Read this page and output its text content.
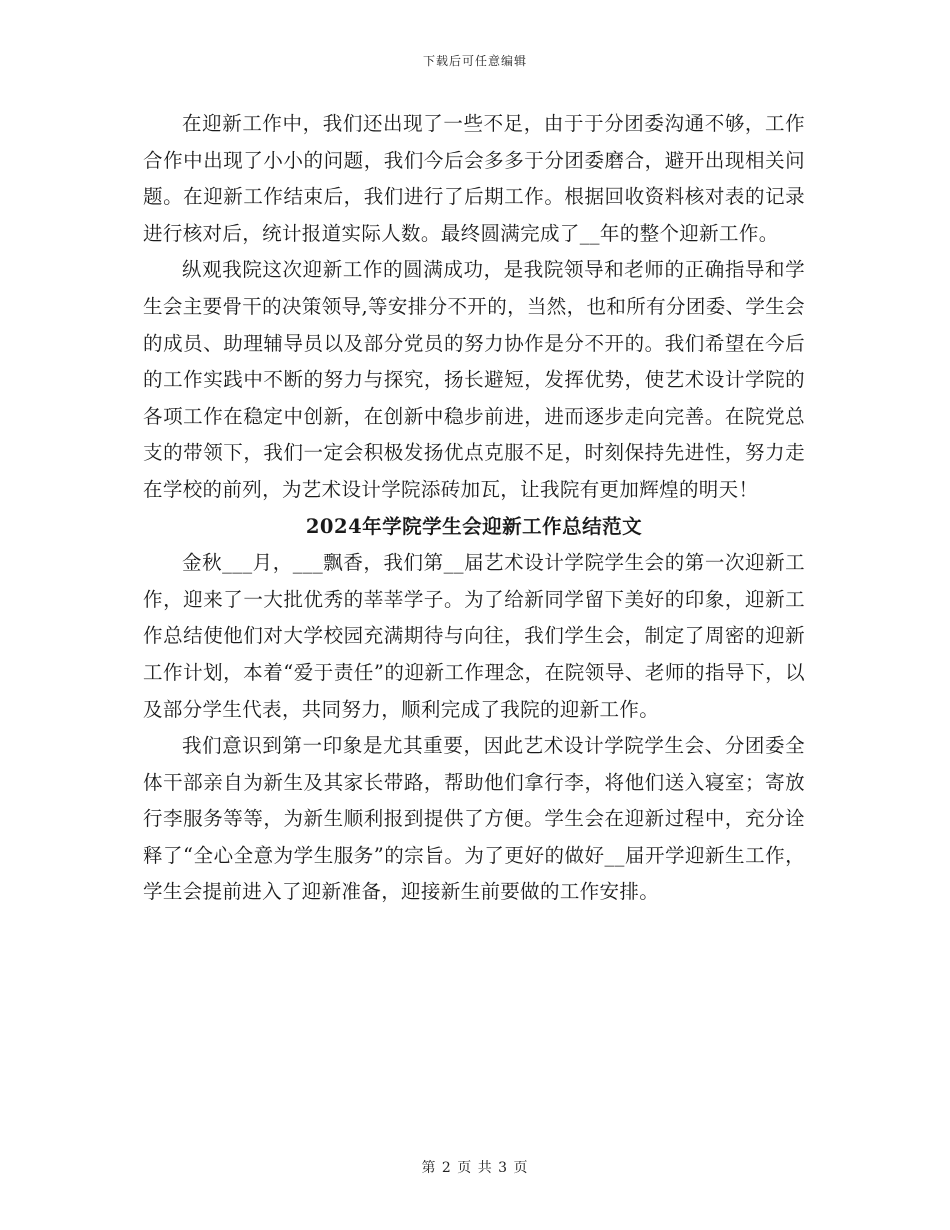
下载后可任意编辑

在迎新工作中，我们还出现了一些不足，由于于分团委沟通不够，工作合作中出现了小小的问题，我们今后会多多于分团委磨合，避开出现相关问题。在迎新工作结束后，我们进行了后期工作。根据回收资料核对表的记录进行核对后，统计报道实际人数。最终圆满完成了__年的整个迎新工作。

纵观我院这次迎新工作的圆满成功，是我院领导和老师的正确指导和学生会主要骨干的决策领导,等安排分不开的，当然，也和所有分团委、学生会的成员、助理辅导员以及部分党员的努力协作是分不开的。我们希望在今后的工作实践中不断的努力与探究，扬长避短，发挥优势，使艺术设计学院的各项工作在稳定中创新，在创新中稳步前进，进而逐步走向完善。在院党总支的带领下，我们一定会积极发扬优点克服不足，时刻保持先进性，努力走在学校的前列，为艺术设计学院添砖加瓦，让我院有更加辉煌的明天！

2024年学院学生会迎新工作总结范文

金秋___月，___飘香，我们第__届艺术设计学院学生会的第一次迎新工作，迎来了一大批优秀的莘莘学子。为了给新同学留下美好的印象，迎新工作总结使他们对大学校园充满期待与向往，我们学生会，制定了周密的迎新工作计划，本着“爱于责任”的迎新工作理念，在院领导、老师的指导下，以及部分学生代表，共同努力，顺利完成了我院的迎新工作。

我们意识到第一印象是尤其重要，因此艺术设计学院学生会、分团委全体干部亲自为新生及其家长带路，帮助他们拿行李，将他们送入寝室；寄放行李服务等等，为新生顺利报到提供了方便。学生会在迎新过程中，充分诠释了“全心全意为学生服务”的宗旨。为了更好的做好__届开学迎新生工作，学生会提前进入了迎新准备，迎接新生前要做的工作安排。

第 2 页 共 3 页
